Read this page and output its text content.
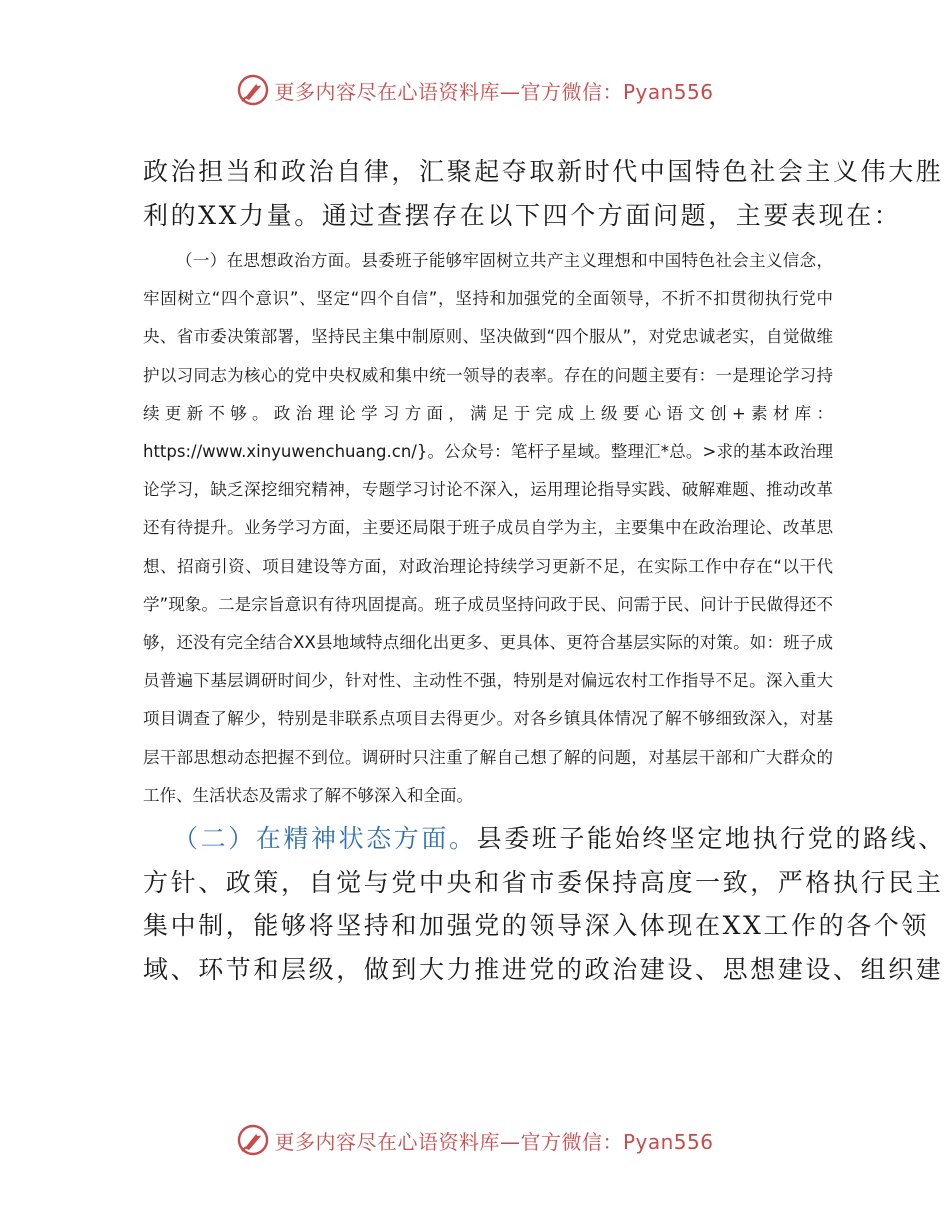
更多内容尽在心语资料库—官方微信：Pyan556
政治担当和政治自律，汇聚起夺取新时代中国特色社会主义伟大胜
利的XX力量。通过查摆存在以下四个方面问题，主要表现在：
（一）在思想政治方面。县委班子能够牢固树立共产主义理想和中国特色社会主义信念，牢固树立“四个意识”、坚定“四个自信”，坚持和加强党的全面领导，不折不扣贯彻执行党中央、省市委决策部署，坚持民主集中制原则、坚决做到“四个服从”，对党忠诚老实，自觉做维护以习同志为核心的党中央权威和集中统一领导的表率。存在的问题主要有：一是理论学习持续更新不够。政治理论学习方面，满足于完成上级要心语文创+素材库：https://www.xinyuwenchuang.cn/}。公众号：笔杆子星域。整理汇*总。>求的基本政治理论学习，缺乏深挖细究精神，专题学习讨论不深入，运用理论指导实践、破解难题、推动改革还有待提升。业务学习方面，主要还局限于班子成员自学为主，主要集中在政治理论、改革思想、招商引资、项目建设等方面，对政治理论持续学习更新不足，在实际工作中存在“以干代学”现象。二是宗旨意识有待巩固提高。班子成员坚持问政于民、问需于民、问计于民做得还不够，还没有完全结合XX县地域特点细化出更多、更具体、更符合基层实际的对策。如：班子成员普遍下基层调研时间少，针对性、主动性不强，特别是对偏远农村工作指导不足。深入重大项目调查了解少，特别是非联系点项目去得更少。对各乡镇具体情况了解不够细致深入，对基层干部思想动态把握不到位。调研时只注重了解自己想了解的问题，对基层干部和广大群众的工作、生活状态及需求了解不够深入和全面。
（二）在精神状态方面。县委班子能始终坚定地执行党的路线、
方针、政策，自觉与党中央和省市委保持高度一致，严格执行民主
集中制，能够将坚持和加强党的领导深入体现在XX工作的各个领
域、环节和层级，做到大力推进党的政治建设、思想建设、组织建
更多内容尽在心语资料库—官方微信：Pyan556
